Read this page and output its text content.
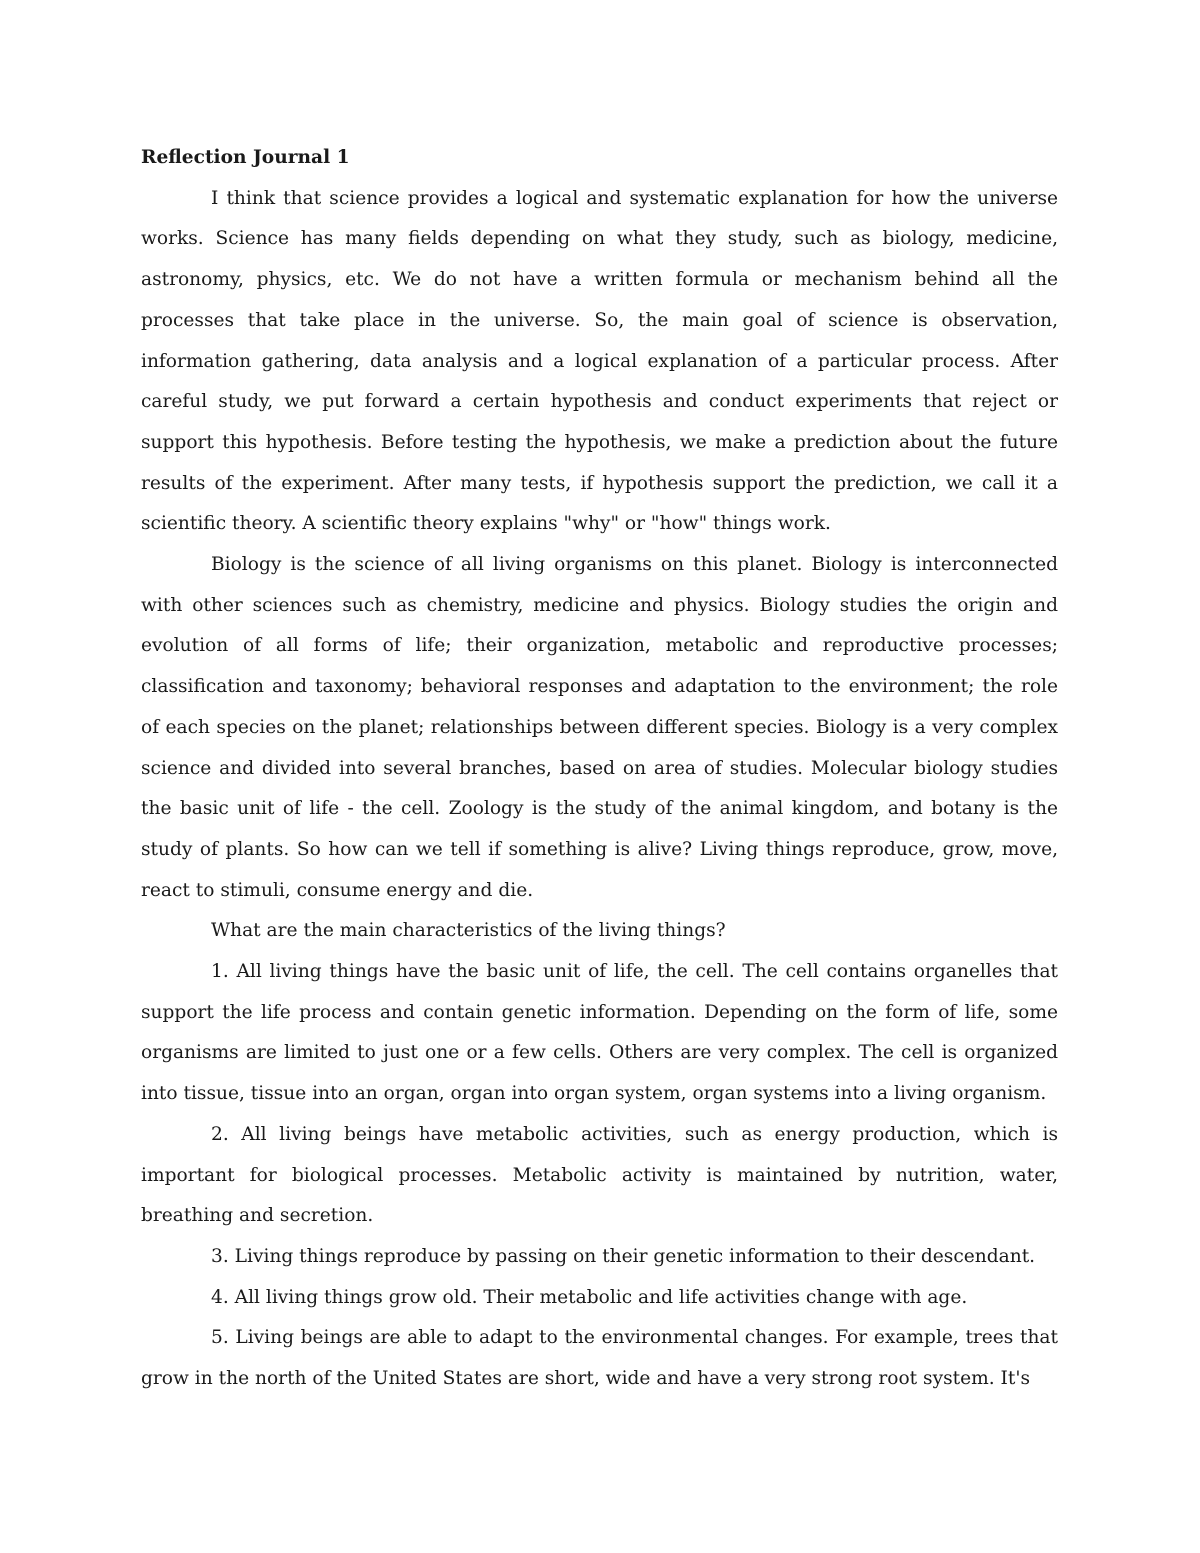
Reflection Journal 1

I think that science provides a logical and systematic explanation for how the universe works. Science has many fields depending on what they study, such as biology, medicine, astronomy, physics, etc. We do not have a written formula or mechanism behind all the processes that take place in the universe. So, the main goal of science is observation, information gathering, data analysis and a logical explanation of a particular process. After careful study, we put forward a certain hypothesis and conduct experiments that reject or support this hypothesis. Before testing the hypothesis, we make a prediction about the future results of the experiment. After many tests, if hypothesis support the prediction, we call it a scientific theory. A scientific theory explains "why" or "how" things work.

Biology is the science of all living organisms on this planet. Biology is interconnected with other sciences such as chemistry, medicine and physics. Biology studies the origin and evolution of all forms of life; their organization, metabolic and reproductive processes; classification and taxonomy; behavioral responses and adaptation to the environment; the role of each species on the planet; relationships between different species. Biology is a very complex science and divided into several branches, based on area of studies. Molecular biology studies the basic unit of life - the cell. Zoology is the study of the animal kingdom, and botany is the study of plants. So how can we tell if something is alive? Living things reproduce, grow, move, react to stimuli, consume energy and die.

What are the main characteristics of the living things?

1. All living things have the basic unit of life, the cell. The cell contains organelles that support the life process and contain genetic information. Depending on the form of life, some organisms are limited to just one or a few cells. Others are very complex. The cell is organized into tissue, tissue into an organ, organ into organ system, organ systems into a living organism.

2. All living beings have metabolic activities, such as energy production, which is important for biological processes. Metabolic activity is maintained by nutrition, water, breathing and secretion.

3. Living things reproduce by passing on their genetic information to their descendant.

4. All living things grow old. Their metabolic and life activities change with age.

5. Living beings are able to adapt to the environmental changes. For example, trees that grow in the north of the United States are short, wide and have a very strong root system. It's
